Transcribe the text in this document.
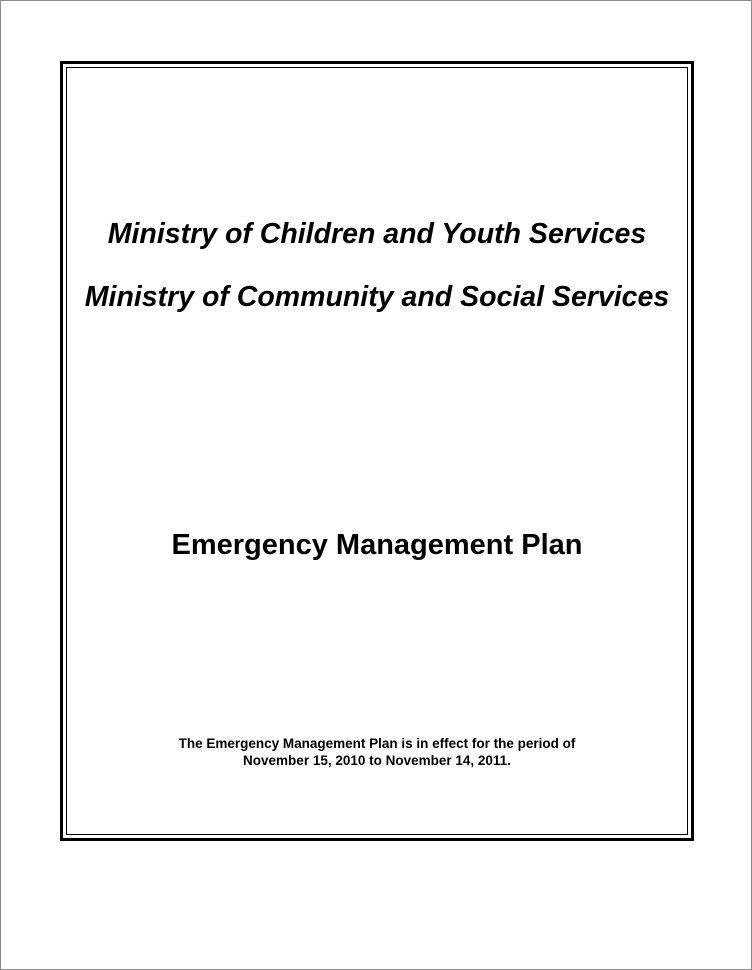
Ministry of Children and Youth Services
Ministry of Community and Social Services
Emergency Management Plan
The Emergency Management Plan is in effect for the period of
November 15, 2010 to November 14, 2011.
